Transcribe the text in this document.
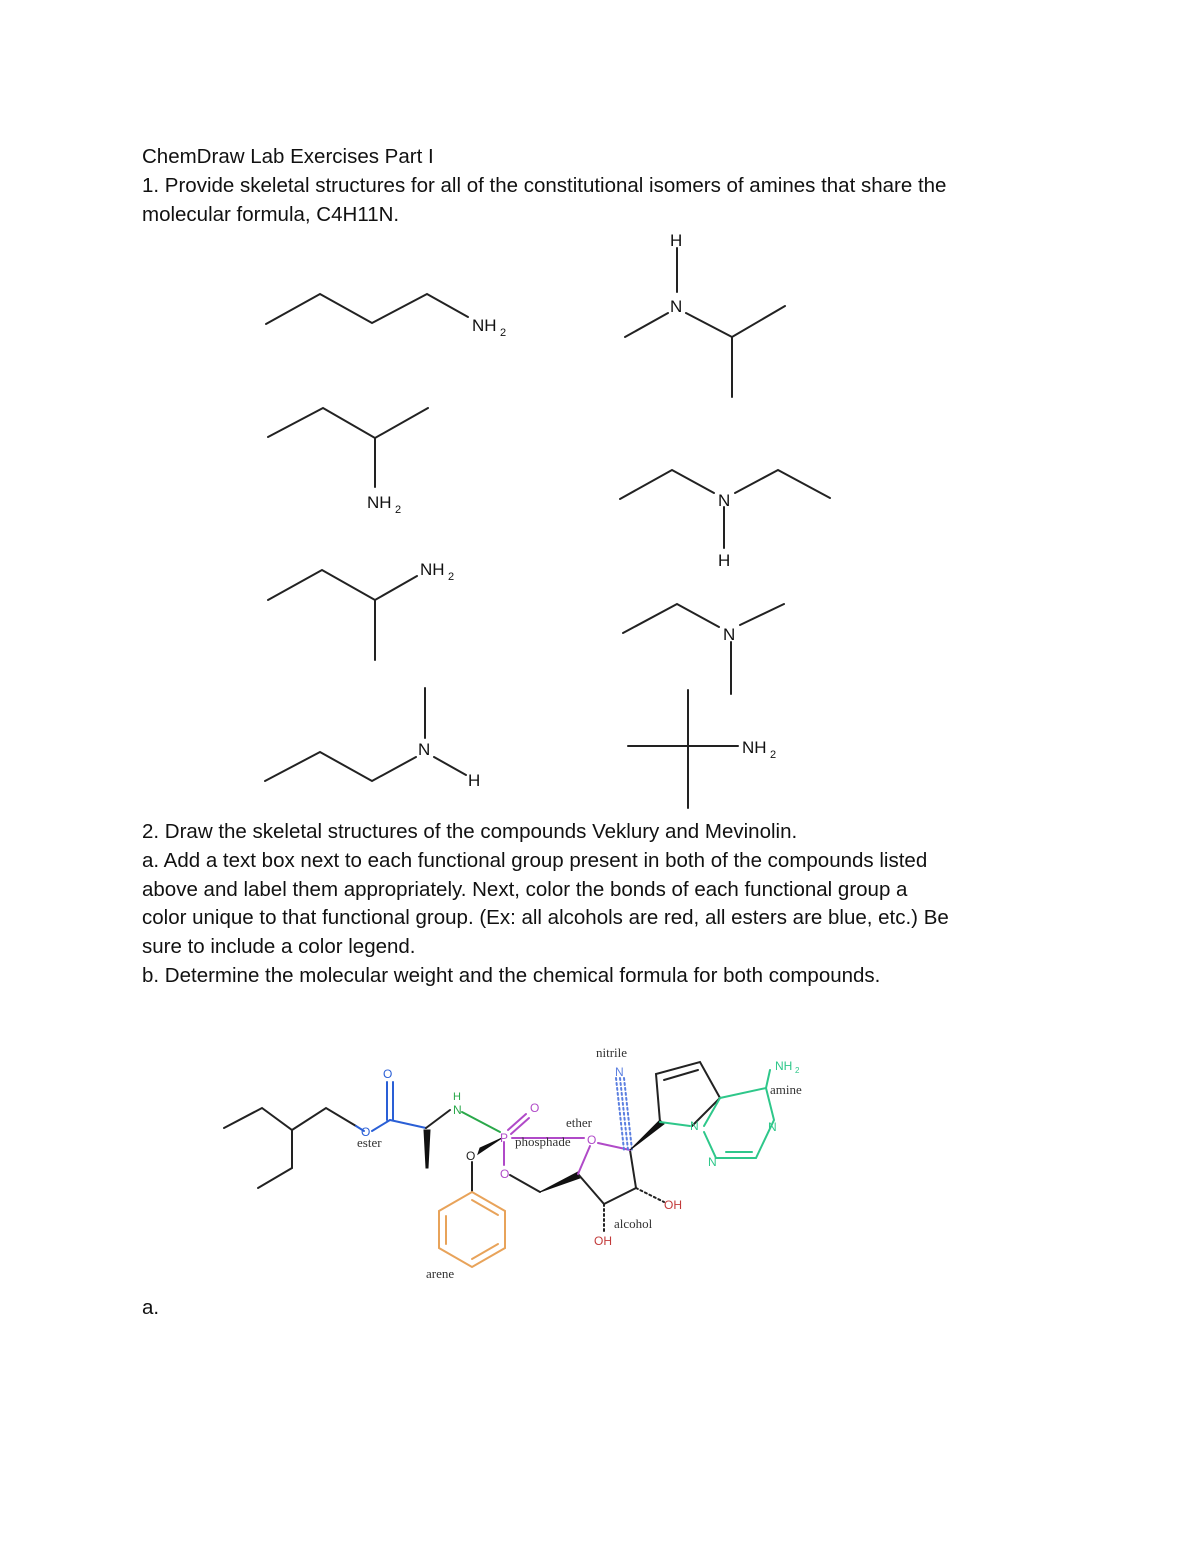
ChemDraw Lab Exercises Part I
1. Provide skeletal structures for all of the constitutional isomers of amines that share the
molecular formula, C4H11N.
NH 2
NH 2
NH 2
NH 2
H
N
N
H
N
N
H
2. Draw the skeletal structures of the compounds Veklury and Mevinolin.
a. Add a text box next to each functional group present in both of the compounds listed
above and label them appropriately. Next, color the bonds of each functional group a
color unique to that functional group. (Ex: all alcohols are red, all esters are blue, etc.) Be
sure to include a color legend.
b. Determine the molecular weight and the chemical formula for both compounds.
O
O
H
N	O
P
O
O
O
N
OH
OH
N
N
N
NH 2
nitrile
amine
ether
phosphade
ester
alcohol
arene
a.
